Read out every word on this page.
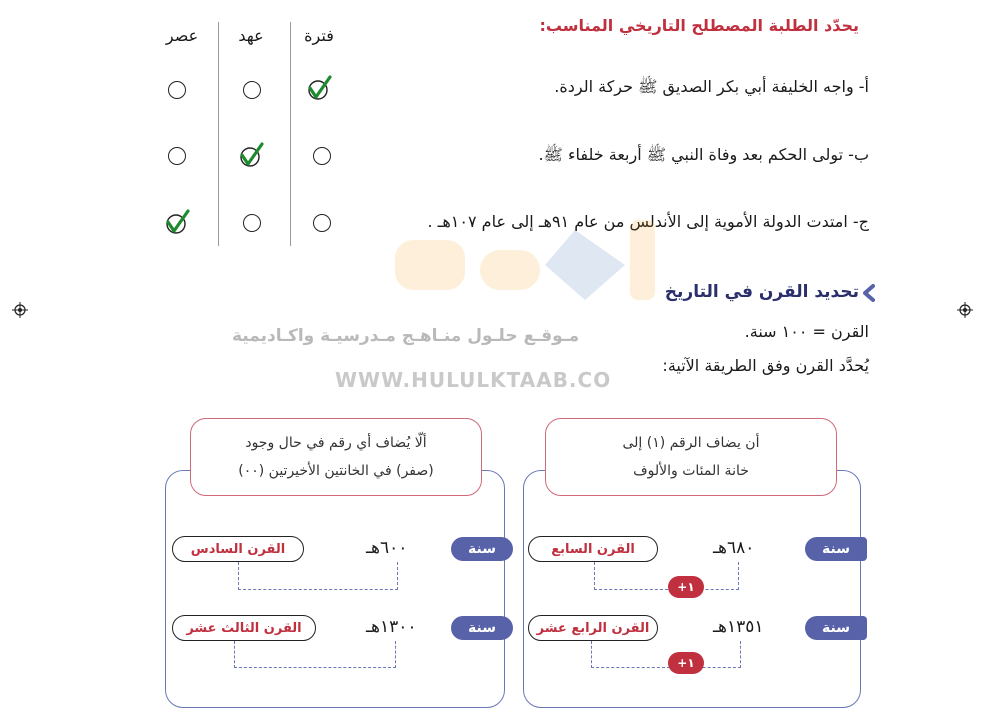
يحدّد الطلبة المصطلح التاريخي المناسب:
فترة
عهد
عصر
أ- واجه الخليفة أبي بكر الصديق ﷺ حركة الردة.
ب- تولى الحكم بعد وفاة النبي ﷺ أربعة خلفاء ﷺ.
ج- امتدت الدولة الأموية إلى الأندلس من عام ٩١هـ إلى عام ١٠٧هـ .
مـوقـع حلـول منـاهـج مـدرسيـة واكـاديمية
WWW.HULULKTAAB.CO
تحديد القرن في التاريخ
القرن = ١٠٠ سنة.
يُحدَّد القرن وفق الطريقة الآتية:
أن يضاف الرقم (١) إلى
خانة المئات والألوف
سنة
٦٨٠هـ
القرن السابع
+١
سنة
١٣٥١هـ
القرن الرابع عشر
+١
ألّا يُضاف أي رقم في حال وجود
(صفر) في الخانتين الأخيرتين (٠٠)
سنة
٦٠٠هـ
القرن السادس
سنة
١٣٠٠هـ
القرن الثالث عشر
